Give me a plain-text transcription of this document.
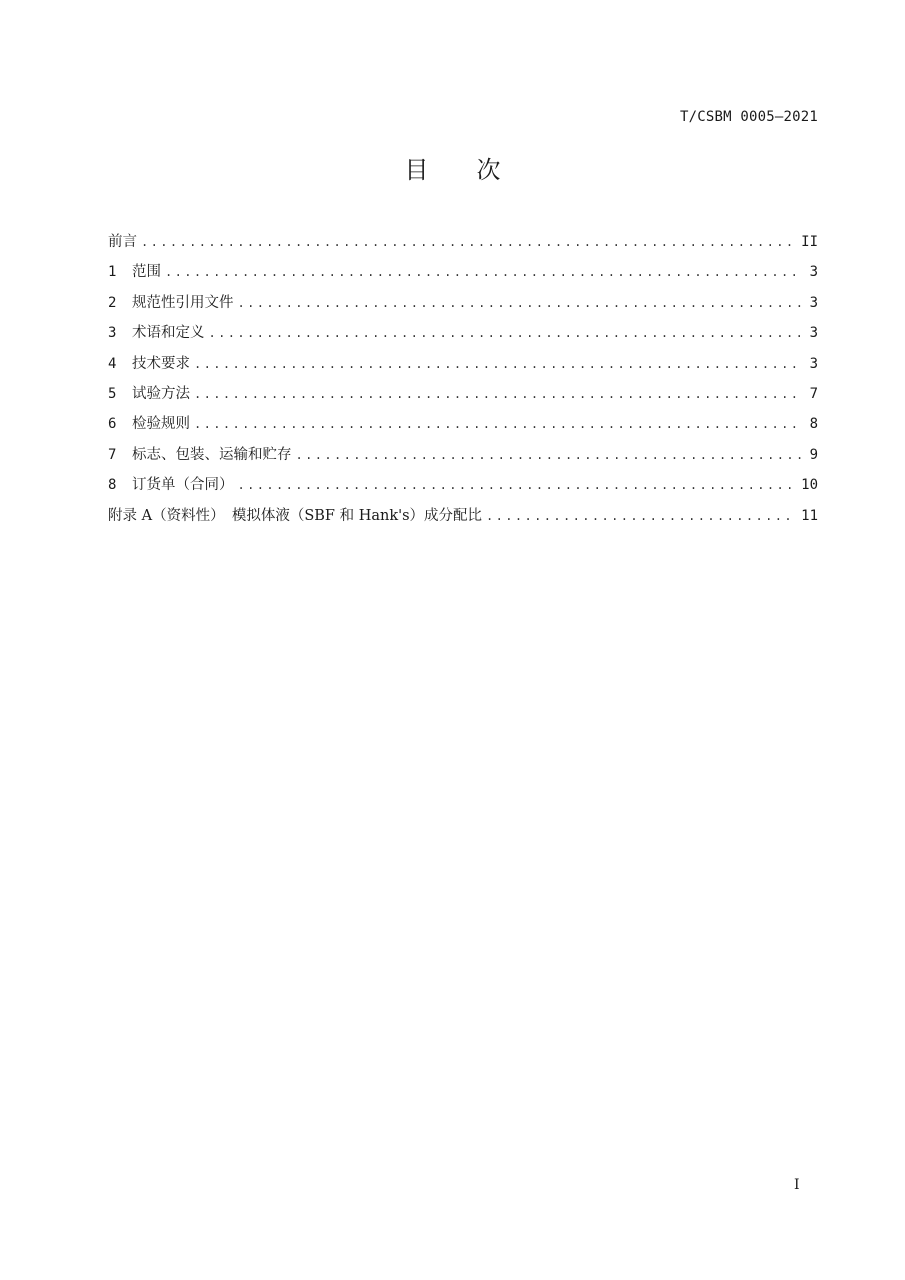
T/CSBM 0005—2021
目次
前言 .....	II
1 范围 .....	3
2 规范性引用文件 .....	3
3 术语和定义 .....	3
4 技术要求 .....	3
5 试验方法 .....	7
6 检验规则 .....	8
7 标志、包装、运输和贮存 .....	9
8 订货单（合同） .....	10
附录 A（资料性）　模拟体液（SBF 和 Hank's）成分配比 .....	11
I
